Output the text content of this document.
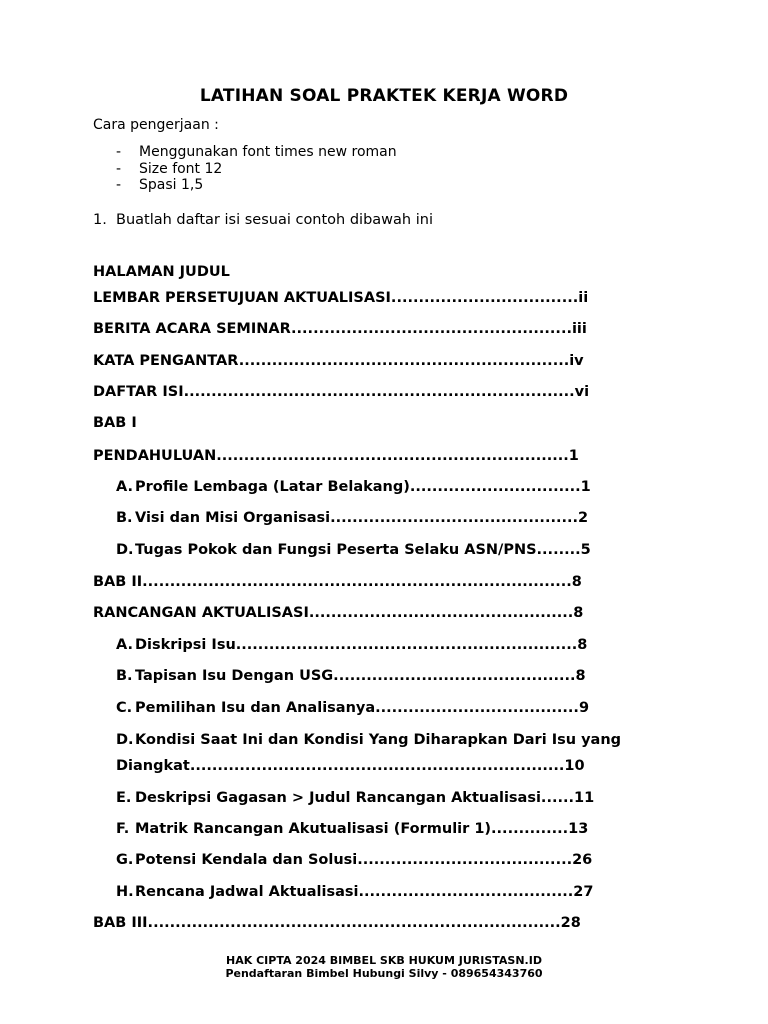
LATIHAN SOAL PRAKTEK KERJA WORD
Cara pengerjaan :
- Menggunakan font times new roman
- Size font 12
- Spasi 1,5
1. Buatlah daftar isi sesuai contoh dibawah ini
HALAMAN JUDUL
LEMBAR PERSETUJUAN AKTUALISASI..................................ii
BERITA ACARA SEMINAR...................................................iii
KATA PENGANTAR............................................................iv
DAFTAR ISI.......................................................................vi
BAB I
PENDAHULUAN................................................................1
A. Profile Lembaga (Latar Belakang)...............................1
B. Visi dan Misi Organisasi.............................................2
D.Tugas Pokok dan Fungsi Peserta Selaku ASN/PNS........5
BAB II..............................................................................8
RANCANGAN AKTUALISASI................................................8
A. Diskripsi Isu..............................................................8
B. Tapisan Isu Dengan USG............................................8
C. Pemilihan Isu dan Analisanya.....................................9
D.Kondisi Saat Ini dan Kondisi Yang Diharapkan Dari Isu yang
Diangkat....................................................................10
E. Deskripsi Gagasan > Judul Rancangan Aktualisasi......11
F. Matrik Rancangan Akutualisasi (Formulir 1)..............13
G. Potensi Kendala dan Solusi.......................................26
H.Rencana Jadwal Aktualisasi.......................................27
BAB III...........................................................................28
HAK CIPTA 2024 BIMBEL SKB HUKUM JURISTASN.ID
Pendaftaran Bimbel Hubungi Silvy - 089654343760
